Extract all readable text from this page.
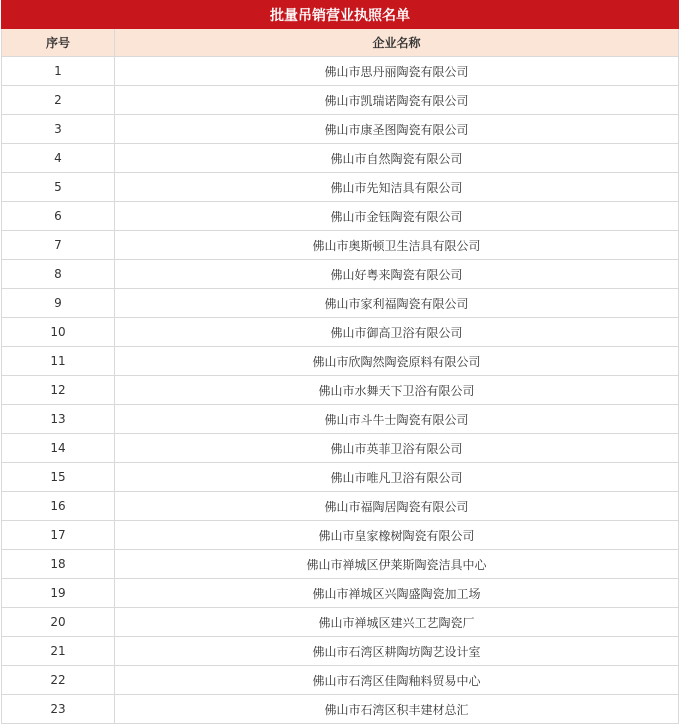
批量吊销营业执照名单	
序号	企业名称
1	佛山市思丹丽陶瓷有限公司
2	佛山市凯瑞诺陶瓷有限公司
3	佛山市康圣图陶瓷有限公司
4	佛山市自然陶瓷有限公司
5	佛山市先知洁具有限公司
6	佛山市金钰陶瓷有限公司
7	佛山市奥斯顿卫生洁具有限公司
8	佛山好粤来陶瓷有限公司
9	佛山市家利福陶瓷有限公司
10	佛山市御高卫浴有限公司
11	佛山市欣陶然陶瓷原料有限公司
12	佛山市水舞天下卫浴有限公司
13	佛山市斗牛士陶瓷有限公司
14	佛山市英菲卫浴有限公司
15	佛山市唯凡卫浴有限公司
16	佛山市福陶居陶瓷有限公司
17	佛山市皇家橡树陶瓷有限公司
18	佛山市禅城区伊莱斯陶瓷洁具中心
19	佛山市禅城区兴陶盛陶瓷加工场
20	佛山市禅城区建兴工艺陶瓷厂
21	佛山市石湾区耕陶坊陶艺设计室
22	佛山市石湾区佳陶釉料贸易中心
23	佛山市石湾区积丰建材总汇
